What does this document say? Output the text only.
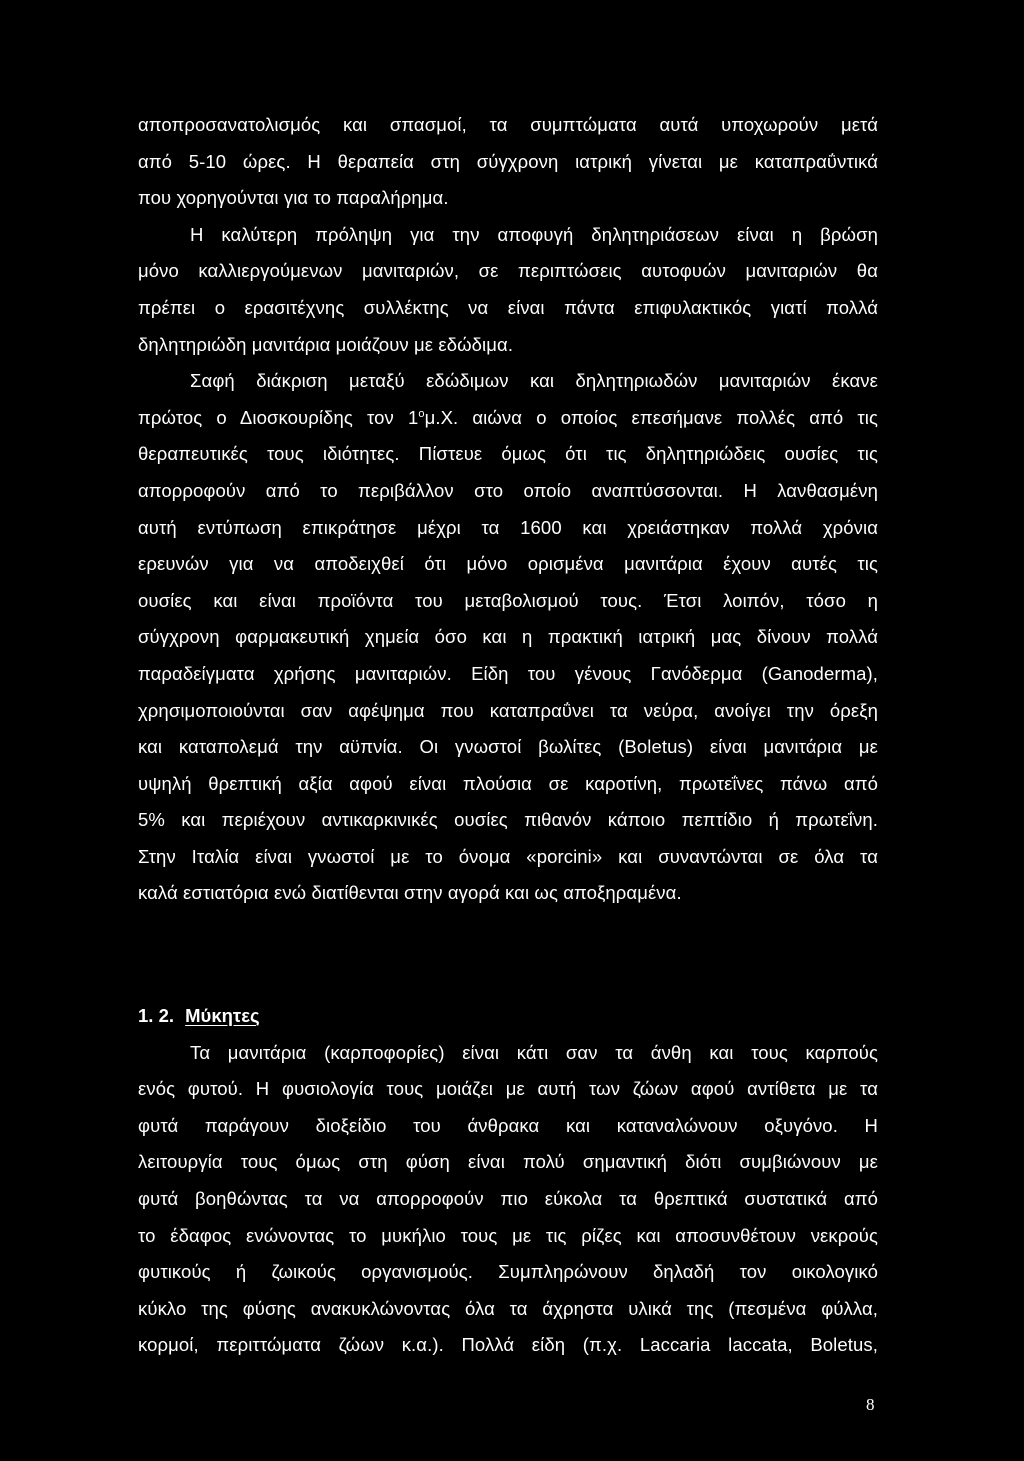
αποπροσανατολισμός και σπασμοί, τα συμπτώματα αυτά υποχωρούν μετά
από 5-10 ώρες. Η θεραπεία στη σύγχρονη ιατρική γίνεται με καταπραΰντικά
που χορηγούνται για το παραλήρημα.
Η καλύτερη πρόληψη για την αποφυγή δηλητηριάσεων είναι η βρώση
μόνο καλλιεργούμενων μανιταριών, σε περιπτώσεις αυτοφυών μανιταριών θα
πρέπει ο ερασιτέχνης συλλέκτης να είναι πάντα επιφυλακτικός γιατί πολλά
δηλητηριώδη μανιτάρια μοιάζουν με εδώδιμα.
Σαφή διάκριση μεταξύ εδώδιμων και δηλητηριωδών μανιταριών έκανε
πρώτος ο Διοσκουρίδης τον $1^o\mu.X$. αιώνα ο οποίος επεσήμανε πολλές από τις
θεραπευτικές τους ιδιότητες. Πίστευε όμως ότι τις δηλητηριώδεις ουσίες τις
απορροφούν από το περιβάλλον στο οποίο αναπτύσσονται. Η λανθασμένη
αυτή εντύπωση επικράτησε μέχρι τα 1600 και χρειάστηκαν πολλά χρόνια
ερευνών για να αποδειχθεί ότι μόνο ορισμένα μανιτάρια έχουν αυτές τις
ουσίες και είναι προϊόντα του μεταβολισμού τους. Έτσι λοιπόν, τόσο η
σύγχρονη φαρμακευτική χημεία όσο και η πρακτική ιατρική μας δίνουν πολλά
παραδείγματα χρήσης μανιταριών. Είδη του γένους Γανόδερμα (Ganoderma),
χρησιμοποιούνται σαν αφέψημα που καταπραΰνει τα νεύρα, ανοίγει την όρεξη
και καταπολεμά την αϋπνία. Οι γνωστοί βωλίτες (Boletus) είναι μανιτάρια με
υψηλή θρεπτική αξία αφού είναι πλούσια σε καροτίνη, πρωτεΐνες πάνω από
5% και περιέχουν αντικαρκινικές ουσίες πιθανόν κάποιο πεπτίδιο ή πρωτεΐνη.
Στην Ιταλία είναι γνωστοί με το όνομα «porcini» και συναντώνται σε όλα τα
καλά εστιατόρια ενώ διατίθενται στην αγορά και ως αποξηραμένα.
1. 2. Μύκητες
Τα μανιτάρια (καρποφορίες) είναι κάτι σαν τα άνθη και τους καρπούς
ενός φυτού. Η φυσιολογία τους μοιάζει με αυτή των ζώων αφού αντίθετα με τα
φυτά παράγουν διοξείδιο του άνθρακα και καταναλώνουν οξυγόνο. Η
λειτουργία τους όμως στη φύση είναι πολύ σημαντική διότι συμβιώνουν με
φυτά βοηθώντας τα να απορροφούν πιο εύκολα τα θρεπτικά συστατικά από
το έδαφος ενώνοντας το μυκήλιο τους με τις ρίζες και αποσυνθέτουν νεκρούς
φυτικούς ή ζωικούς οργανισμούς. Συμπληρώνουν δηλαδή τον οικολογικό
κύκλο της φύσης ανακυκλώνοντας όλα τα άχρηστα υλικά της (πεσμένα φύλλα,
κορμοί, περιττώματα ζώων κ.α.). Πολλά είδη (π.χ. Laccaria laccata, Boletus,
8
